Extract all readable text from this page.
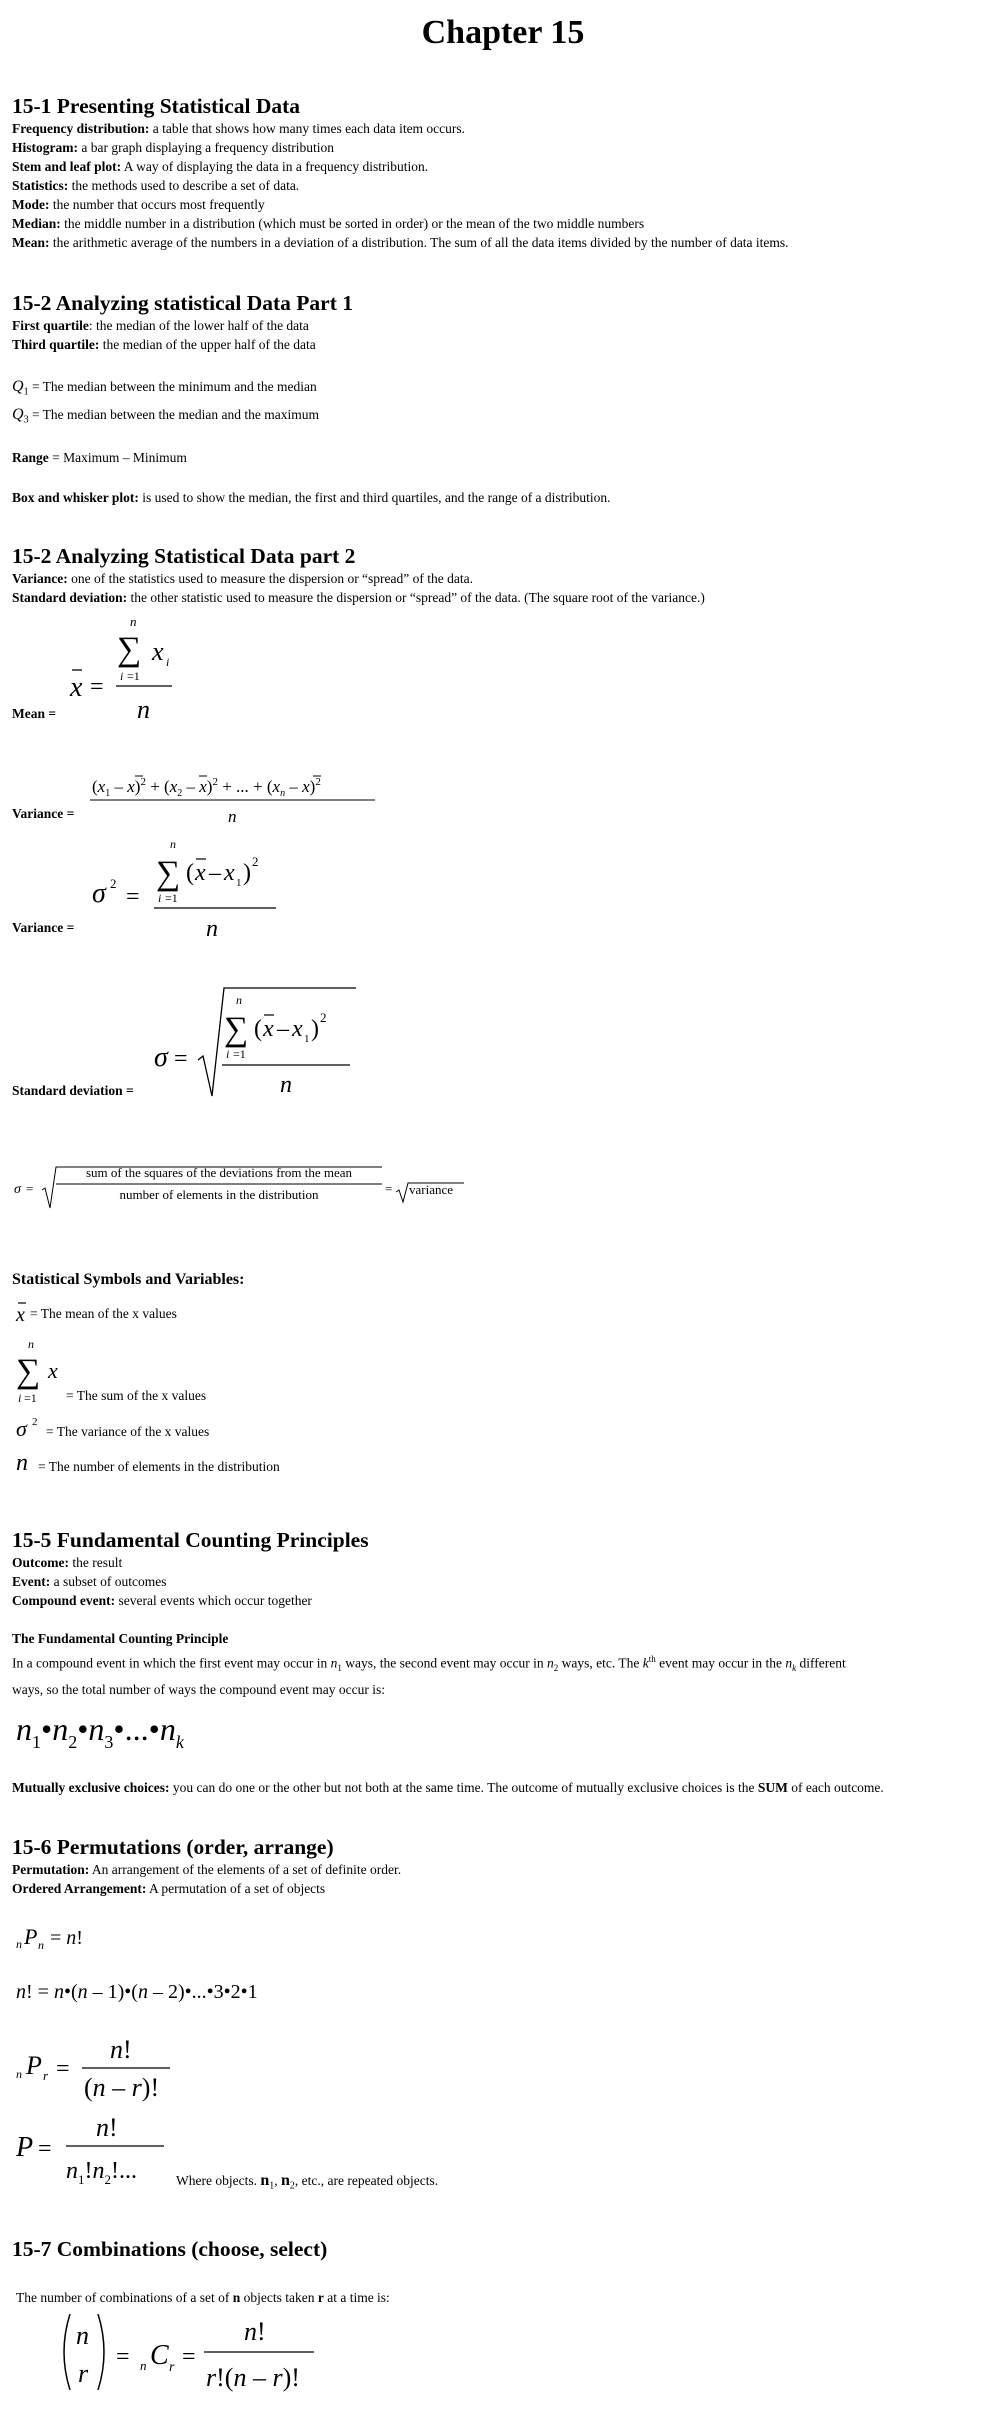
Chapter 15
15-1 Presenting Statistical Data
Frequency distribution: a table that shows how many times each data item occurs.
Histogram: a bar graph displaying a frequency distribution
Stem and leaf plot: A way of displaying the data in a frequency distribution.
Statistics: the methods used to describe a set of data.
Mode: the number that occurs most frequently
Median: the middle number in a distribution (which must be sorted in order) or the mean of the two middle numbers
Mean: the arithmetic average of the numbers in a deviation of a distribution. The sum of all the data items divided by the number of data items.
15-2 Analyzing statistical Data Part 1
First quartile: the median of the lower half of the data
Third quartile: the median of the upper half of the data
$Q_1$ = The median between the minimum and the median
$Q_3$ = The median between the median and the maximum
Range = Maximum – Minimum
Box and whisker plot: is used to show the median, the first and third quartiles, and the range of a distribution.
15-2 Analyzing Statistical Data part 2
Variance: one of the statistics used to measure the dispersion or “spread” of the data.
Standard deviation: the other statistic used to measure the dispersion or “spread” of the data. (The square root of the variance.)
Mean =
x =
n
∑ x i
i =1
n
Variance =
$(x_1 - x)^2 + (x_2 - x)^2$ + ... + $(x_n - x)^2$
n
Variance =
σ 2
=
n
∑ ( x – x 1 ) 2
i =1
n
Standard deviation =
σ =
n
∑ ( x – x 1 ) 2
i =1
n
σ =	=
sum of the squares of the deviations from the mean
number of elements in the distribution	variance
Statistical Symbols and Variables:
x = The mean of the x values
n
∑ x
i =1 = The sum of the x values
σ 2
= The variance of the x values
n = The number of elements in the distribution
15-5 Fundamental Counting Principles
Outcome: the result
Event: a subset of outcomes
Compound event: several events which occur together
The Fundamental Counting Principle
In a compound event in which the first event may occur in $n_1$ ways, the second event may occur in $n_2$ ways, etc. The $k^{th}$ event may occur in the $n_k$ different
ways, so the total number of ways the compound event may occur is:
$n_1•n_2•n_3•...•n_k$
Mutually exclusive choices: you can do one or the other but not both at the same time. The outcome of mutually exclusive choices is the SUM of each outcome.
15-6 Permutations (order, arrange)
Permutation: An arrangement of the elements of a set of definite order.
Ordered Arrangement: A permutation of a set of objects
n P n = n!
n! = n•(n – 1)•(n – 2)•...•3•2•1
n P r =
n!
(n – r)!
P =
n!
$n_1!n_2$!...	Where objects. $n_1$, $n_2$, etc., are repeated objects.
15-7 Combinations (choose, select)
The number of combinations of a set of n objects taken r at a time is:
n
r
= n C r =
n!
r!(n – r)!
